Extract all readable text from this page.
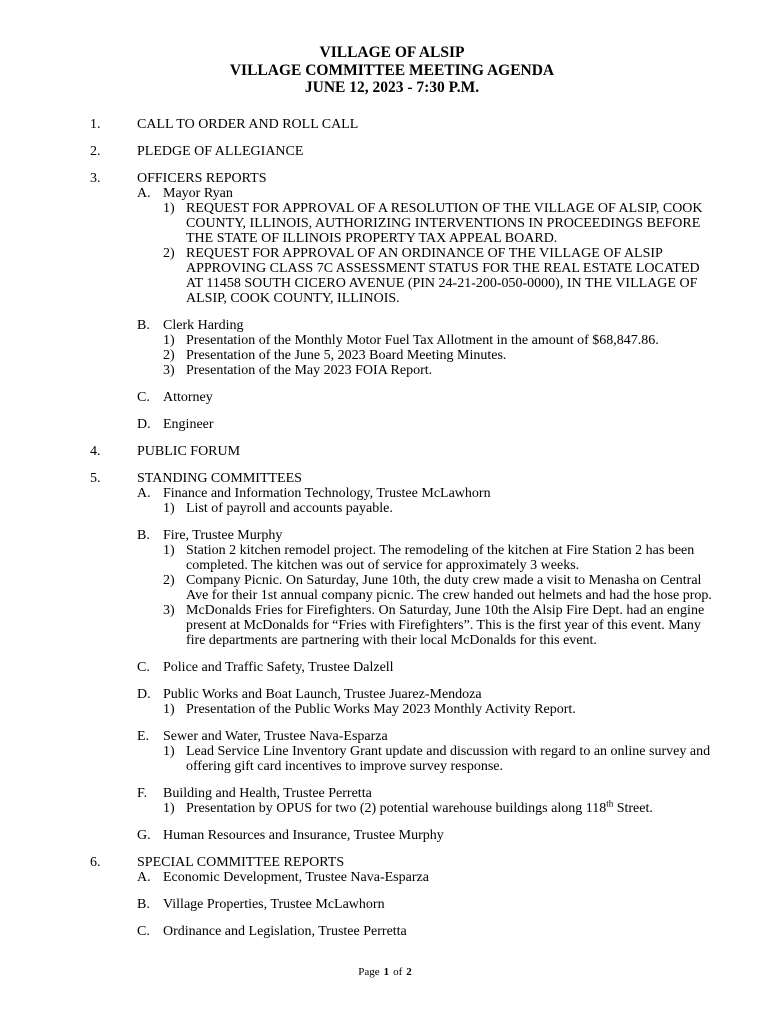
VILLAGE OF ALSIP
VILLAGE COMMITTEE MEETING AGENDA
JUNE 12, 2023 - 7:30 P.M.
1.	CALL TO ORDER AND ROLL CALL
2.	PLEDGE OF ALLEGIANCE
3.	OFFICERS REPORTS
A. Mayor Ryan
1) REQUEST FOR APPROVAL OF A RESOLUTION OF THE VILLAGE OF ALSIP, COOK COUNTY, ILLINOIS, AUTHORIZING INTERVENTIONS IN PROCEEDINGS BEFORE THE STATE OF ILLINOIS PROPERTY TAX APPEAL BOARD.
2) REQUEST FOR APPROVAL OF AN ORDINANCE OF THE VILLAGE OF ALSIP APPROVING CLASS 7C ASSESSMENT STATUS FOR THE REAL ESTATE LOCATED AT 11458 SOUTH CICERO AVENUE (PIN 24-21-200-050-0000), IN THE VILLAGE OF ALSIP, COOK COUNTY, ILLINOIS.
B. Clerk Harding
1) Presentation of the Monthly Motor Fuel Tax Allotment in the amount of $68,847.86.
2) Presentation of the June 5, 2023 Board Meeting Minutes.
3) Presentation of the May 2023 FOIA Report.
C. Attorney
D. Engineer
4.	PUBLIC FORUM
5.	STANDING COMMITTEES
A. Finance and Information Technology, Trustee McLawhorn
1) List of payroll and accounts payable.
B. Fire, Trustee Murphy
1) Station 2 kitchen remodel project. The remodeling of the kitchen at Fire Station 2 has been completed. The kitchen was out of service for approximately 3 weeks.
2) Company Picnic. On Saturday, June 10th, the duty crew made a visit to Menasha on Central Ave for their 1st annual company picnic. The crew handed out helmets and had the hose prop.
3) McDonalds Fries for Firefighters. On Saturday, June 10th the Alsip Fire Dept. had an engine present at McDonalds for “Fries with Firefighters”. This is the first year of this event. Many fire departments are partnering with their local McDonalds for this event.
C. Police and Traffic Safety, Trustee Dalzell
D. Public Works and Boat Launch, Trustee Juarez-Mendoza
1) Presentation of the Public Works May 2023 Monthly Activity Report.
E. Sewer and Water, Trustee Nava-Esparza
1) Lead Service Line Inventory Grant update and discussion with regard to an online survey and offering gift card incentives to improve survey response.
F.	Building and Health, Trustee Perretta
1) Presentation by OPUS for two (2) potential warehouse buildings along 118th Street.
G. Human Resources and Insurance, Trustee Murphy
6.	SPECIAL COMMITTEE REPORTS
A. Economic Development, Trustee Nava-Esparza
B. Village Properties, Trustee McLawhorn
C. Ordinance and Legislation, Trustee Perretta
Page 1 of 2
